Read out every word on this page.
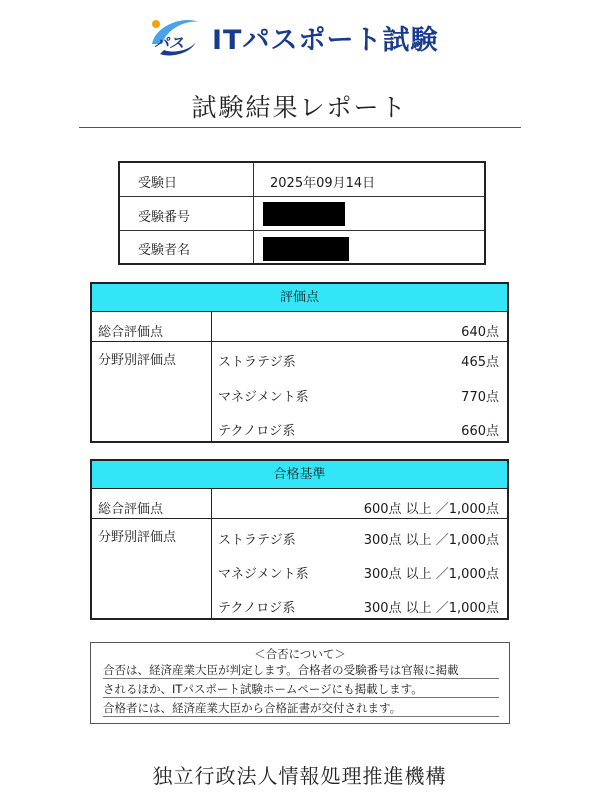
パス ITパスポート試験
試験結果レポート
受験日	2025年09月14日
受験番号
受験者名
評価点
総合評価点	640点
分野別評価点	ストラテジ系	465点
マネジメント系	770点
テクノロジ系	660点
合格基準
総合評価点	600点 以上 ／1,000点
分野別評価点	ストラテジ系	300点 以上 ／1,000点
マネジメント系	300点 以上 ／1,000点
テクノロジ系	300点 以上 ／1,000点
＜合否について＞
合否は、経済産業大臣が判定します。合格者の受験番号は官報に掲載
されるほか、ITパスポート試験ホームページにも掲載します。
合格者には、経済産業大臣から合格証書が交付されます。
独立行政法人情報処理推進機構
